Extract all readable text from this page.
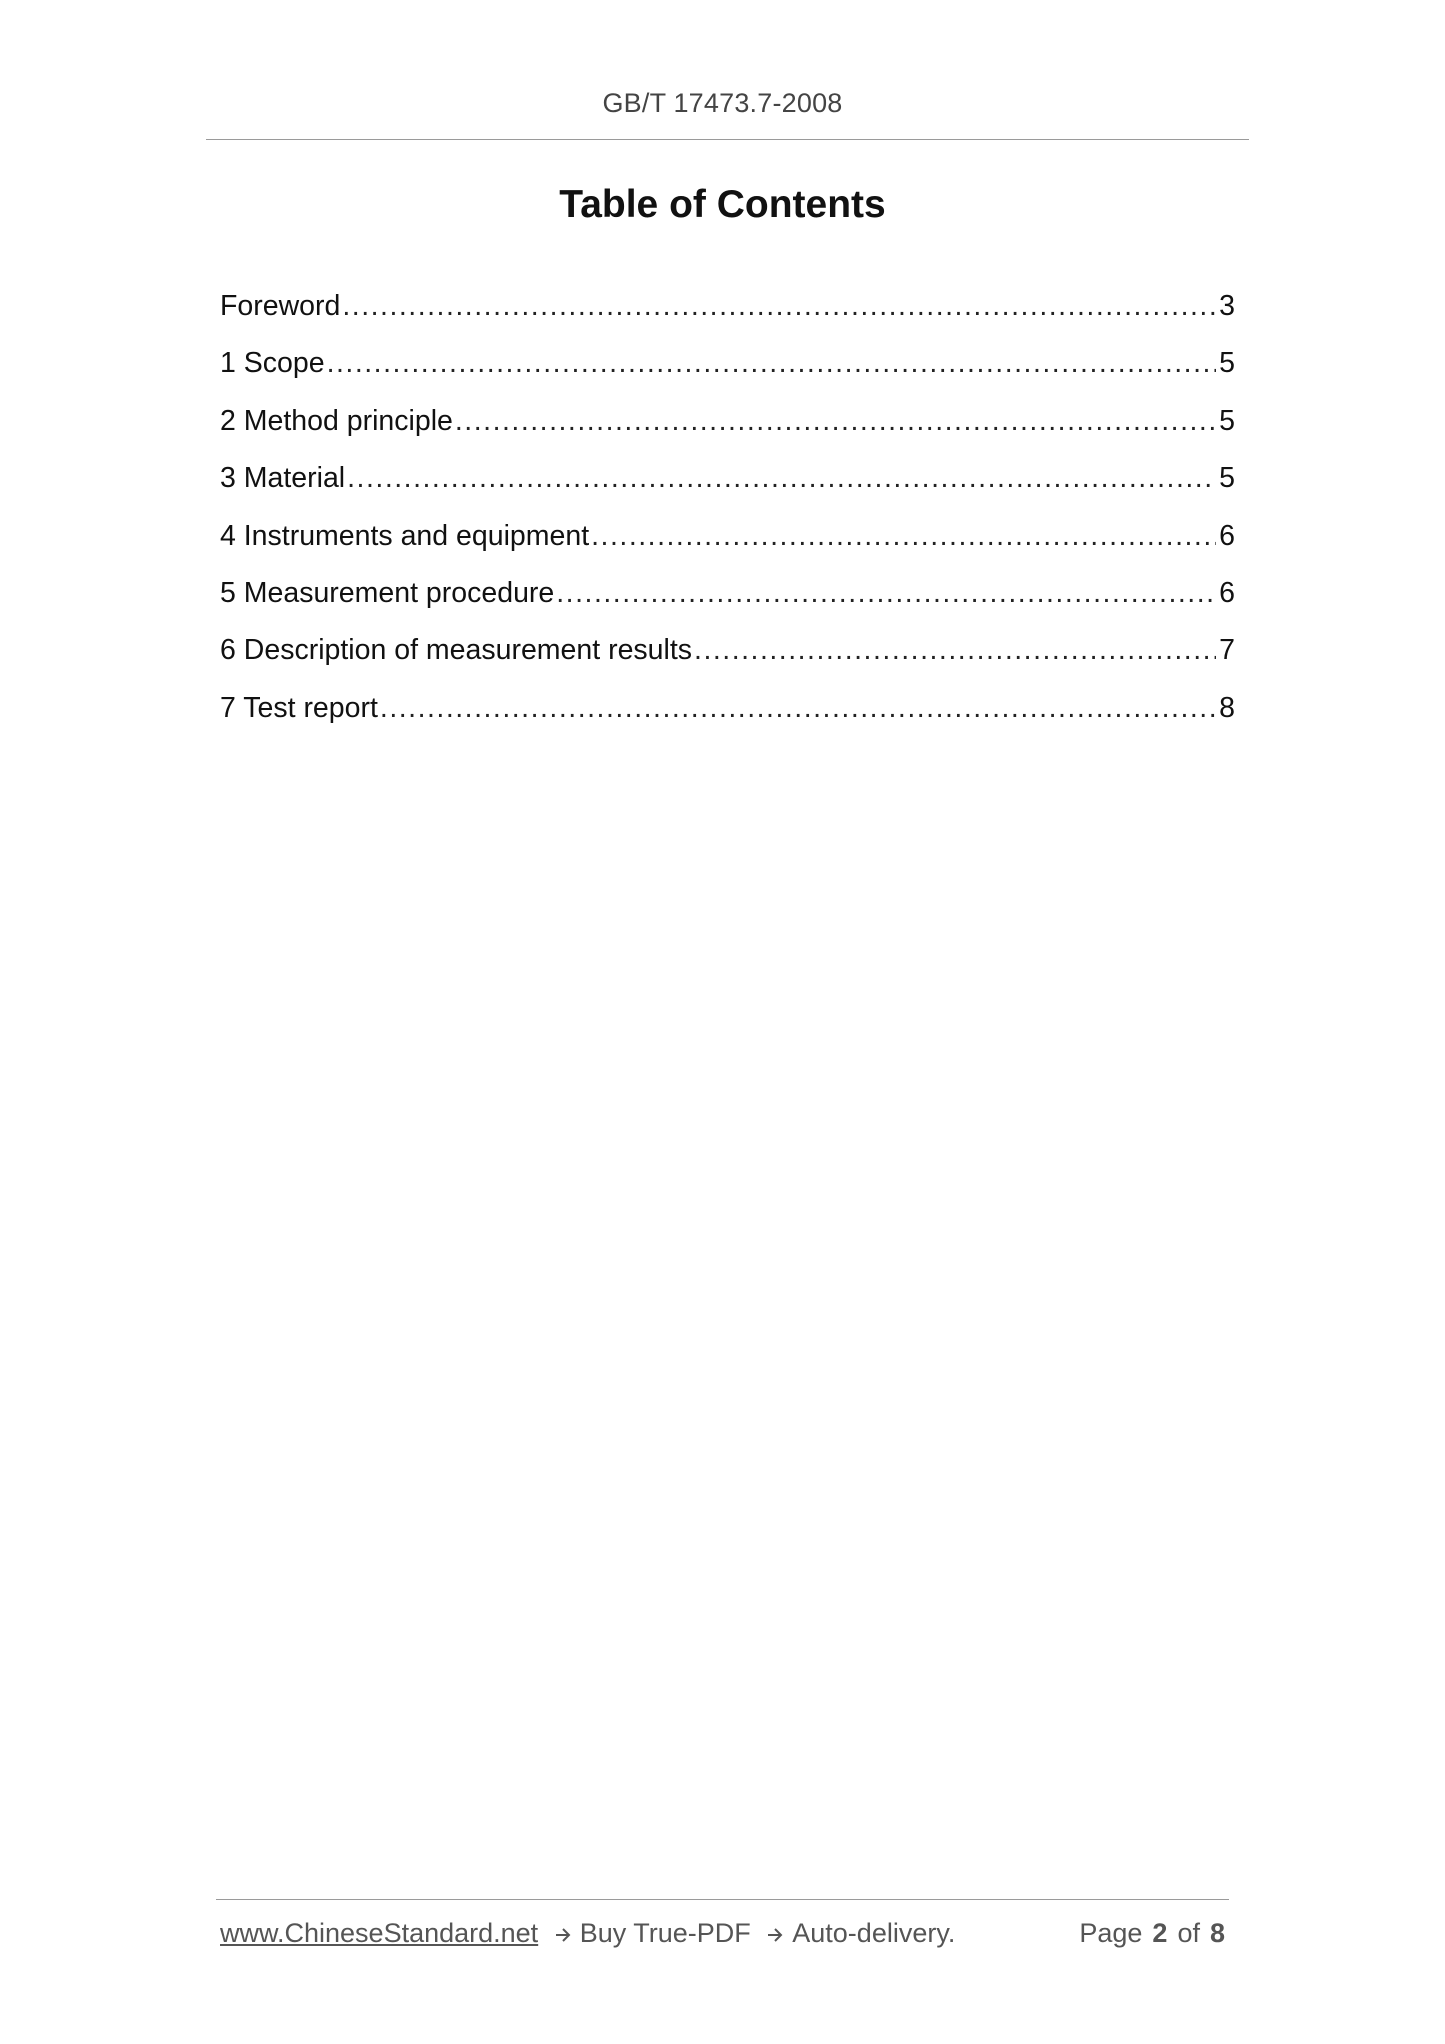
GB/T 17473.7-2008
Table of Contents
Foreword .....	3
1 Scope .....	5
2 Method principle .....	5
3 Material .....	5
4 Instruments and equipment .....	6
5 Measurement procedure .....	6
6 Description of measurement results .....	7
7 Test report .....	8
www.ChineseStandard.net Buy True-PDF Auto-delivery.	Page 2 of 8
